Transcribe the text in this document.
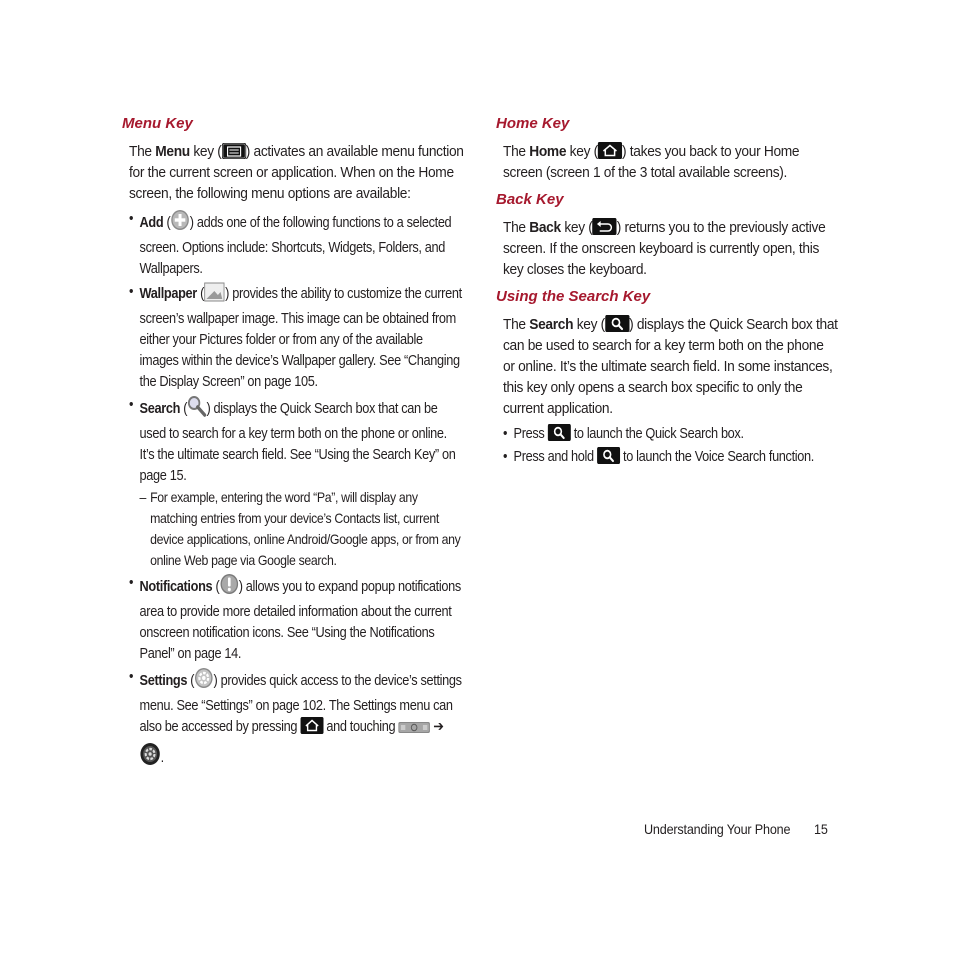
Menu Key

The Menu key ( ) activates an available menu function for the current screen or application. When on the Home screen, the following menu options are available:

• Add ( ) adds one of the following functions to a selected screen. Options include: Shortcuts, Widgets, Folders, and Wallpapers.
• Wallpaper ( ) provides the ability to customize the current screen’s wallpaper image. This image can be obtained from either your Pictures folder or from any of the available images within the device’s Wallpaper gallery. See “Changing the Display Screen” on page 105.
• Search ( ) displays the Quick Search box that can be used to search for a key term both on the phone or online. It’s the ultimate search field. See “Using the Search Key” on page 15.
– For example, entering the word “Pa”, will display any matching entries from your device’s Contacts list, current device applications, online Android/Google apps, or from any online Web page via Google search.
• Notifications ( ) allows you to expand popup notifications area to provide more detailed information about the current onscreen notification icons. See “Using the Notifications Panel” on page 14.
• Settings ( ) provides quick access to the device’s settings menu. See “Settings” on page 102. The Settings menu can also be accessed by pressing  and touching  ➔ .
Home Key

The Home key ( ) takes you back to your Home screen (screen 1 of the 3 total available screens).

Back Key

The Back key ( ) returns you to the previously active screen. If the onscreen keyboard is currently open, this key closes the keyboard.

Using the Search Key

The Search key ( ) displays the Quick Search box that can be used to search for a key term both on the phone or online. It’s the ultimate search field. In some instances, this key only opens a search box specific to only the current application.

• Press  to launch the Quick Search box.
• Press and hold  to launch the Voice Search function.
Understanding Your Phone 15
